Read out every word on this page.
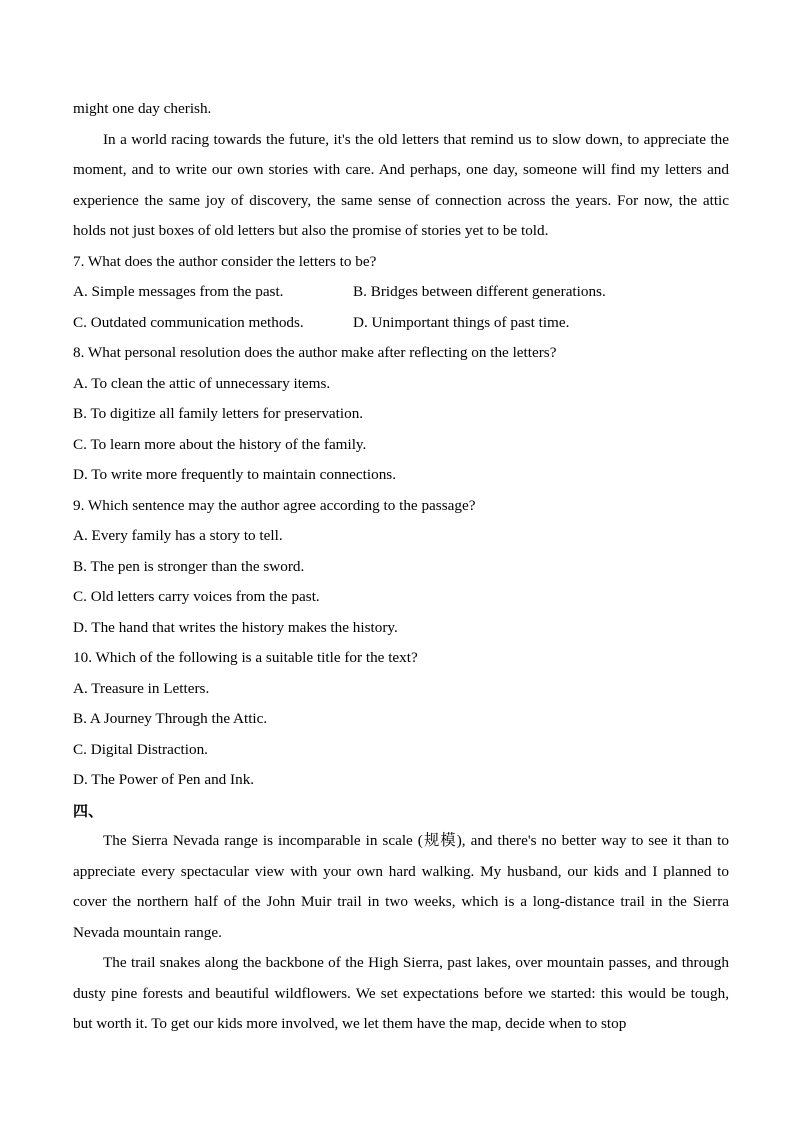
might one day cherish.

In a world racing towards the future, it's the old letters that remind us to slow down, to appreciate the moment, and to write our own stories with care. And perhaps, one day, someone will find my letters and experience the same joy of discovery, the same sense of connection across the years. For now, the attic holds not just boxes of old letters but also the promise of stories yet to be told.

7. What does the author consider the letters to be?

A. Simple messages from the past.	B. Bridges between different generations.
C. Outdated communication methods.	D. Unimportant things of past time.

8. What personal resolution does the author make after reflecting on the letters?

A. To clean the attic of unnecessary items.

B. To digitize all family letters for preservation.

C. To learn more about the history of the family.

D. To write more frequently to maintain connections.

9. Which sentence may the author agree according to the passage?

A. Every family has a story to tell.

B. The pen is stronger than the sword.

C. Old letters carry voices from the past.

D. The hand that writes the history makes the history.

10. Which of the following is a suitable title for the text?

A. Treasure in Letters.

B. A Journey Through the Attic.

C. Digital Distraction.

D. The Power of Pen and Ink.

四、

The Sierra Nevada range is incomparable in scale (规模), and there's no better way to see it than to appreciate every spectacular view with your own hard walking. My husband, our kids and I planned to cover the northern half of the John Muir trail in two weeks, which is a long-distance trail in the Sierra Nevada mountain range.

The trail snakes along the backbone of the High Sierra, past lakes, over mountain passes, and through dusty pine forests and beautiful wildflowers. We set expectations before we started: this would be tough, but worth it. To get our kids more involved, we let them have the map, decide when to stop
